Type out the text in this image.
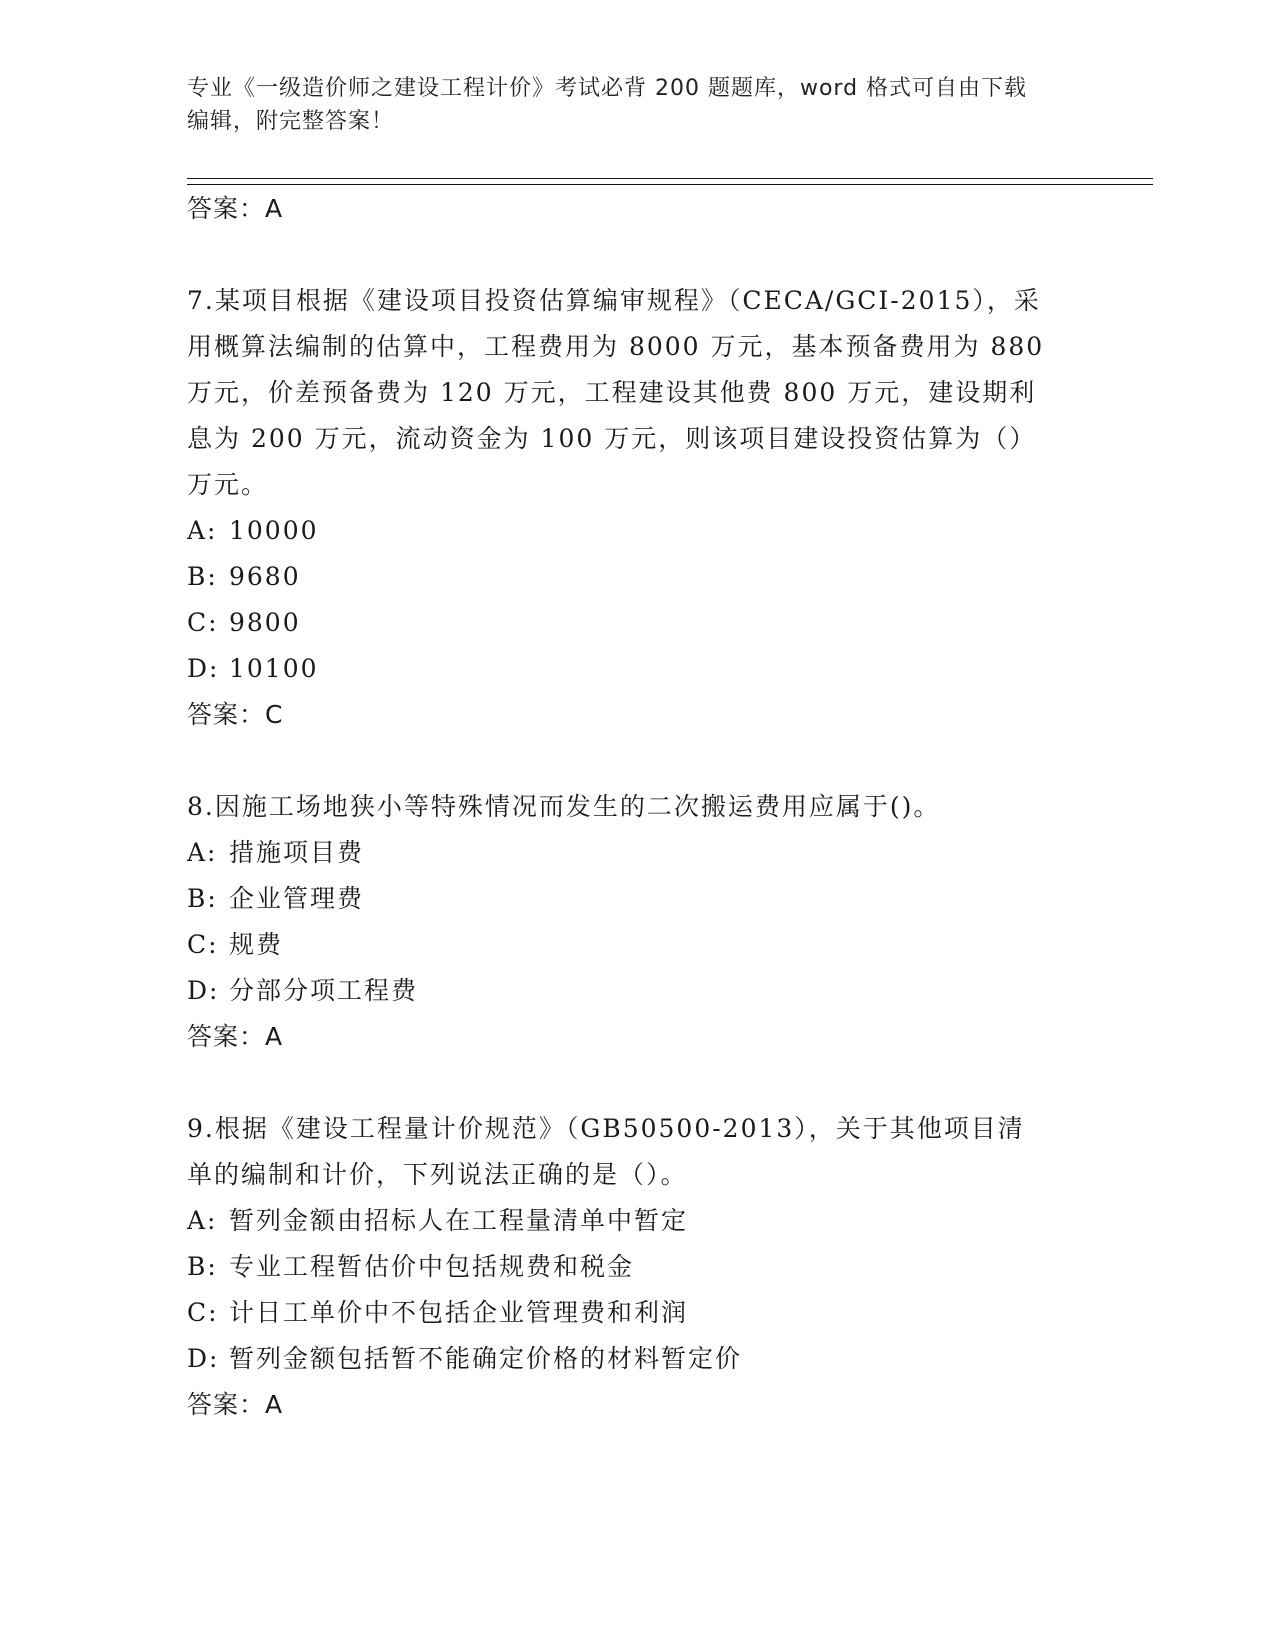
专业《一级造价师之建设工程计价》考试必背 200 题题库，word 格式可自由下载
编辑，附完整答案！

答案：A

7.某项目根据《建设项目投资估算编审规程》（CECA/GCI-2015），采

用概算法编制的估算中，工程费用为 8000 万元，基本预备费用为 880

万元，价差预备费为 120 万元，工程建设其他费 800 万元，建设期利

息为 200 万元，流动资金为 100 万元，则该项目建设投资估算为（）

万元。

A: 10000
B: 9680
C: 9800
D: 10100

答案：C

8.因施工场地狭小等特殊情况而发生的二次搬运费用应属于()。

A: 措施项目费
B: 企业管理费
C: 规费
D: 分部分项工程费

答案：A

9.根据《建设工程量计价规范》（GB50500-2013），关于其他项目清

单的编制和计价，下列说法正确的是（）。

A: 暂列金额由招标人在工程量清单中暂定
B: 专业工程暂估价中包括规费和税金
C: 计日工单价中不包括企业管理费和利润
D: 暂列金额包括暂不能确定价格的材料暂定价

答案：A
